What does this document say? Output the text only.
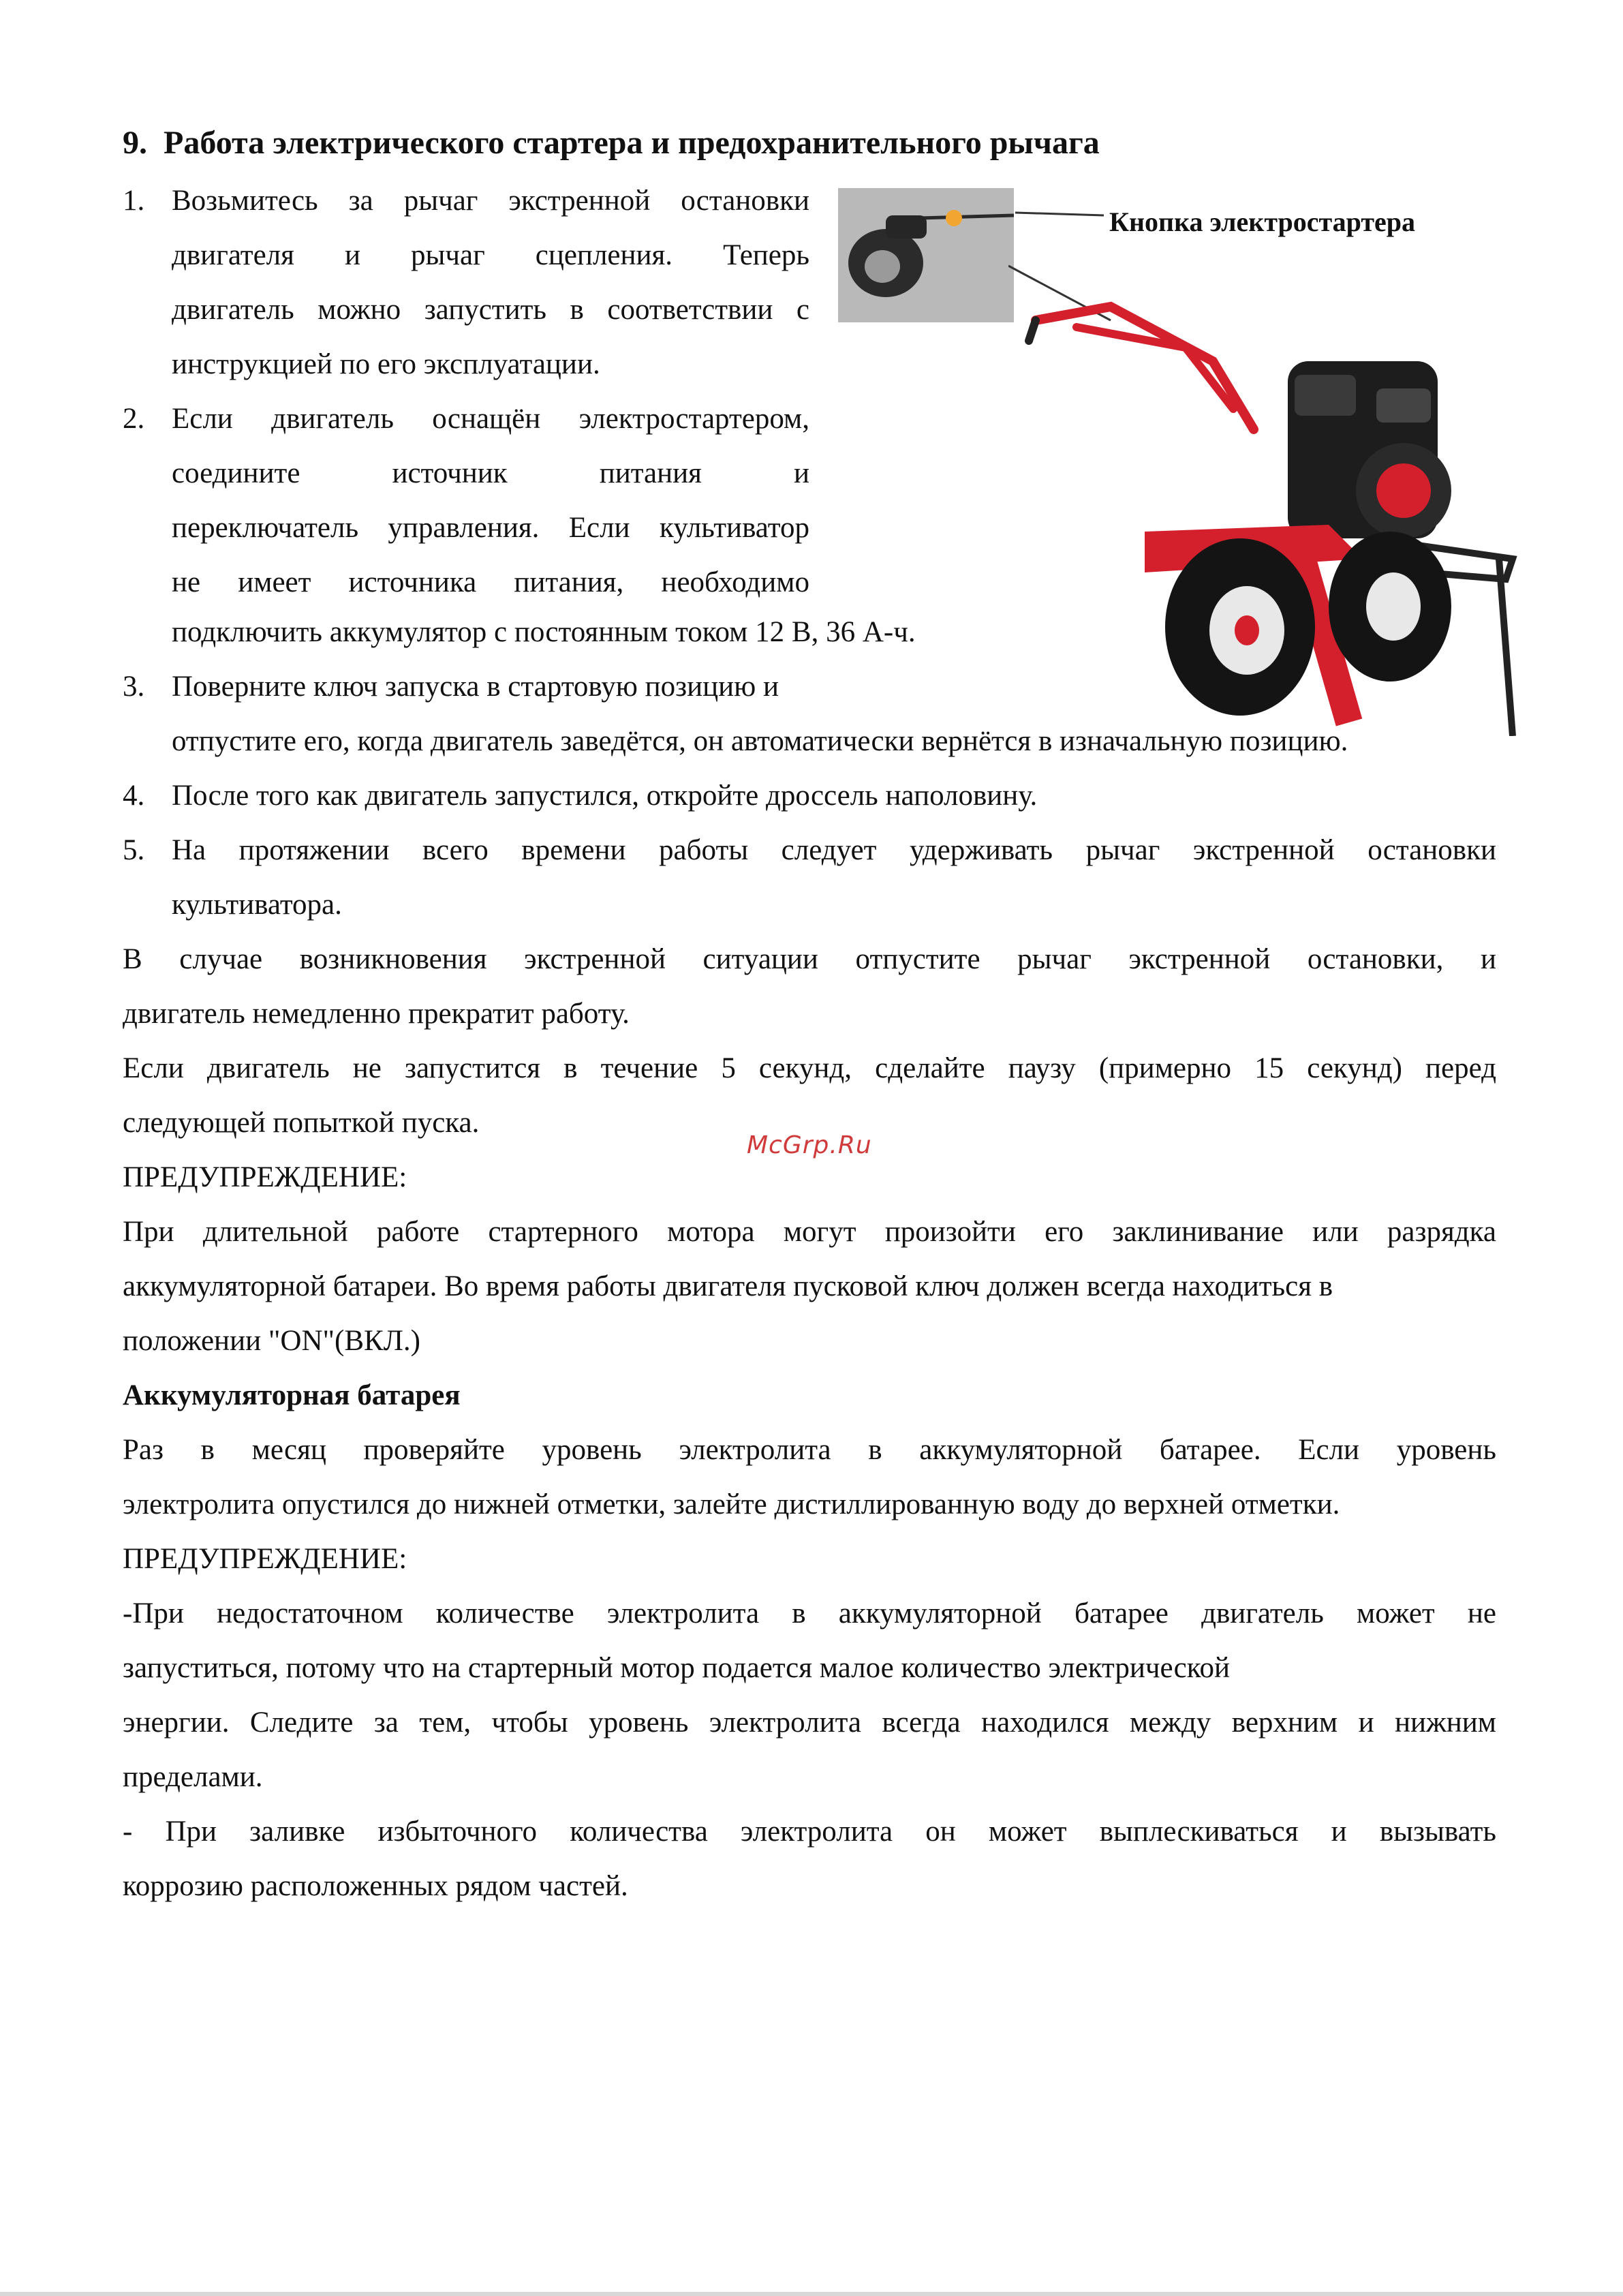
9. Работа электрического стартера и предохранительного рычага

Кнопка электростартера

1. Возьмитесь за рычаг экстренной остановки

двигателя и рычаг сцепления. Теперь

двигатель можно запустить в соответствии с

инструкцией по его эксплуатации.

2. Если двигатель оснащён электростартером,

соедините источник питания и

переключатель управления. Если культиватор

не имеет источника питания, необходимо

подключить аккумулятор с постоянным током 12 В, 36 А-ч.

3. Поверните ключ запуска в стартовую позицию и

отпустите его, когда двигатель заведётся, он автоматически вернётся в изначальную позицию.

4. После того как двигатель запустился, откройте дроссель наполовину.

5. На протяжении всего времени работы следует удерживать рычаг экстренной остановки

культиватора.

В случае возникновения экстренной ситуации отпустите рычаг экстренной остановки, и

двигатель немедленно прекратит работу.

Если двигатель не запустится в течение 5 секунд, сделайте паузу (примерно 15 секунд) перед

следующей попыткой пуска.

McGrp.Ru

ПРЕДУПРЕЖДЕНИЕ:

При длительной работе стартерного мотора могут произойти его заклинивание или разрядка

аккумуляторной батареи. Во время работы двигателя пусковой ключ должен всегда находиться в

положении "ON"(ВКЛ.)

Аккумуляторная батарея

Раз в месяц проверяйте уровень электролита в аккумуляторной батарее. Если уровень

электролита опустился до нижней отметки, залейте дистиллированную воду до верхней отметки.

ПРЕДУПРЕЖДЕНИЕ:

-При недостаточном количестве электролита в аккумуляторной батарее двигатель может не

запуститься, потому что на стартерный мотор подается малое количество электрической

энергии. Следите за тем, чтобы уровень электролита всегда находился между верхним и нижним

пределами.

- При заливке избыточного количества электролита он может выплескиваться и вызывать

коррозию расположенных рядом частей.
